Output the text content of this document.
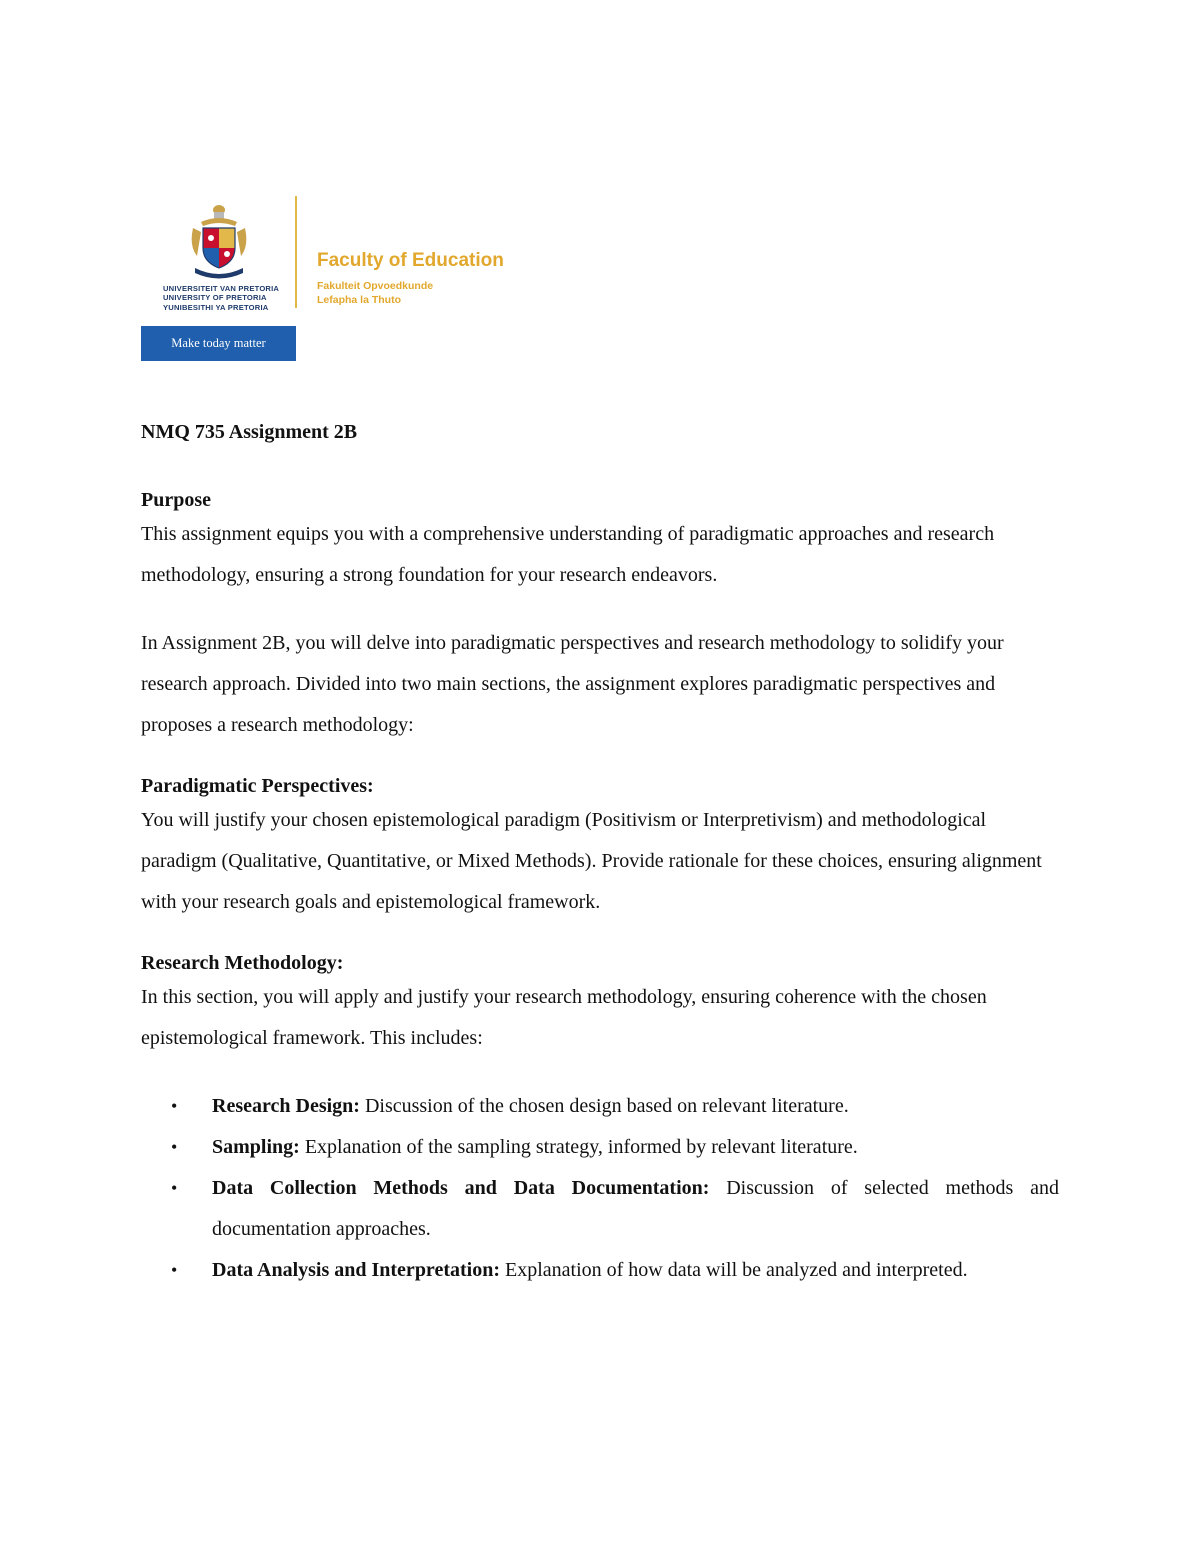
UNIVERSITEIT VAN PRETORIA
UNIVERSITY OF PRETORIA
YUNIBESITHI YA PRETORIA
Faculty of Education
Fakulteit Opvoedkunde
Lefapha la Thuto
Make today matter
NMQ 735 Assignment 2B
Purpose

This assignment equips you with a comprehensive understanding of paradigmatic approaches and research methodology, ensuring a strong foundation for your research endeavors.

In Assignment 2B, you will delve into paradigmatic perspectives and research methodology to solidify your research approach. Divided into two main sections, the assignment explores paradigmatic perspectives and proposes a research methodology:

Paradigmatic Perspectives:

You will justify your chosen epistemological paradigm (Positivism or Interpretivism) and methodological paradigm (Qualitative, Quantitative, or Mixed Methods). Provide rationale for these choices, ensuring alignment with your research goals and epistemological framework.

Research Methodology:

In this section, you will apply and justify your research methodology, ensuring coherence with the chosen epistemological framework. This includes:

• Research Design: Discussion of the chosen design based on relevant literature.
• Sampling: Explanation of the sampling strategy, informed by relevant literature.
• Data Collection Methods and Data Documentation: Discussion of selected methods and documentation approaches.
• Data Analysis and Interpretation: Explanation of how data will be analyzed and interpreted.
